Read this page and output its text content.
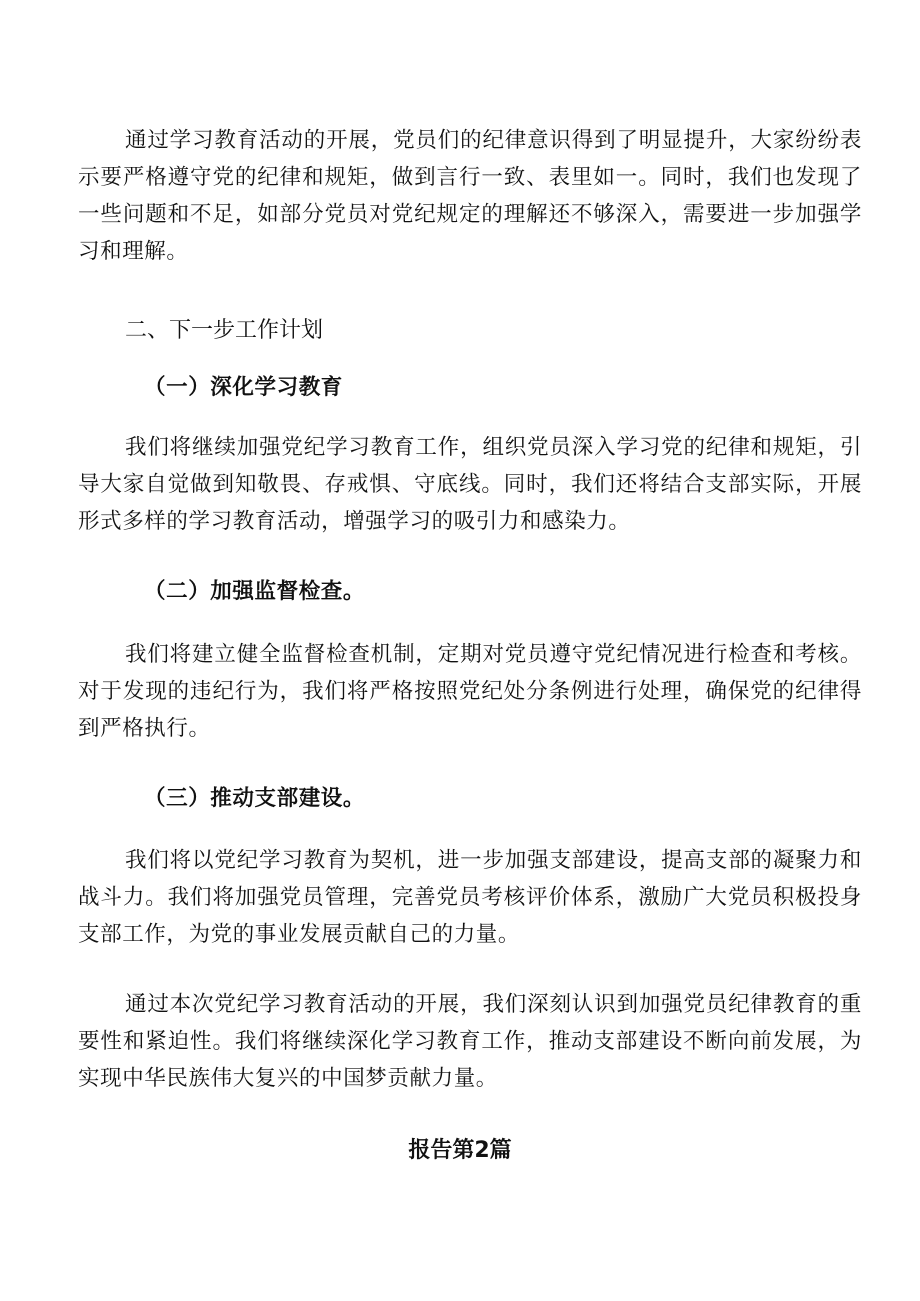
通过学习教育活动的开展，党员们的纪律意识得到了明显提升，大家纷纷表示要严格遵守党的纪律和规矩，做到言行一致、表里如一。同时，我们也发现了一些问题和不足，如部分党员对党纪规定的理解还不够深入，需要进一步加强学习和理解。

二、下一步工作计划
（一）深化学习教育

我们将继续加强党纪学习教育工作，组织党员深入学习党的纪律和规矩，引导大家自觉做到知敬畏、存戒惧、守底线。同时，我们还将结合支部实际，开展形式多样的学习教育活动，增强学习的吸引力和感染力。

（二）加强监督检查。

我们将建立健全监督检查机制，定期对党员遵守党纪情况进行检查和考核。对于发现的违纪行为，我们将严格按照党纪处分条例进行处理，确保党的纪律得到严格执行。

（三）推动支部建设。

我们将以党纪学习教育为契机，进一步加强支部建设，提高支部的凝聚力和战斗力。我们将加强党员管理，完善党员考核评价体系，激励广大党员积极投身支部工作，为党的事业发展贡献自己的力量。

通过本次党纪学习教育活动的开展，我们深刻认识到加强党员纪律教育的重要性和紧迫性。我们将继续深化学习教育工作，推动支部建设不断向前发展，为实现中华民族伟大复兴的中国梦贡献力量。

报告第2篇
